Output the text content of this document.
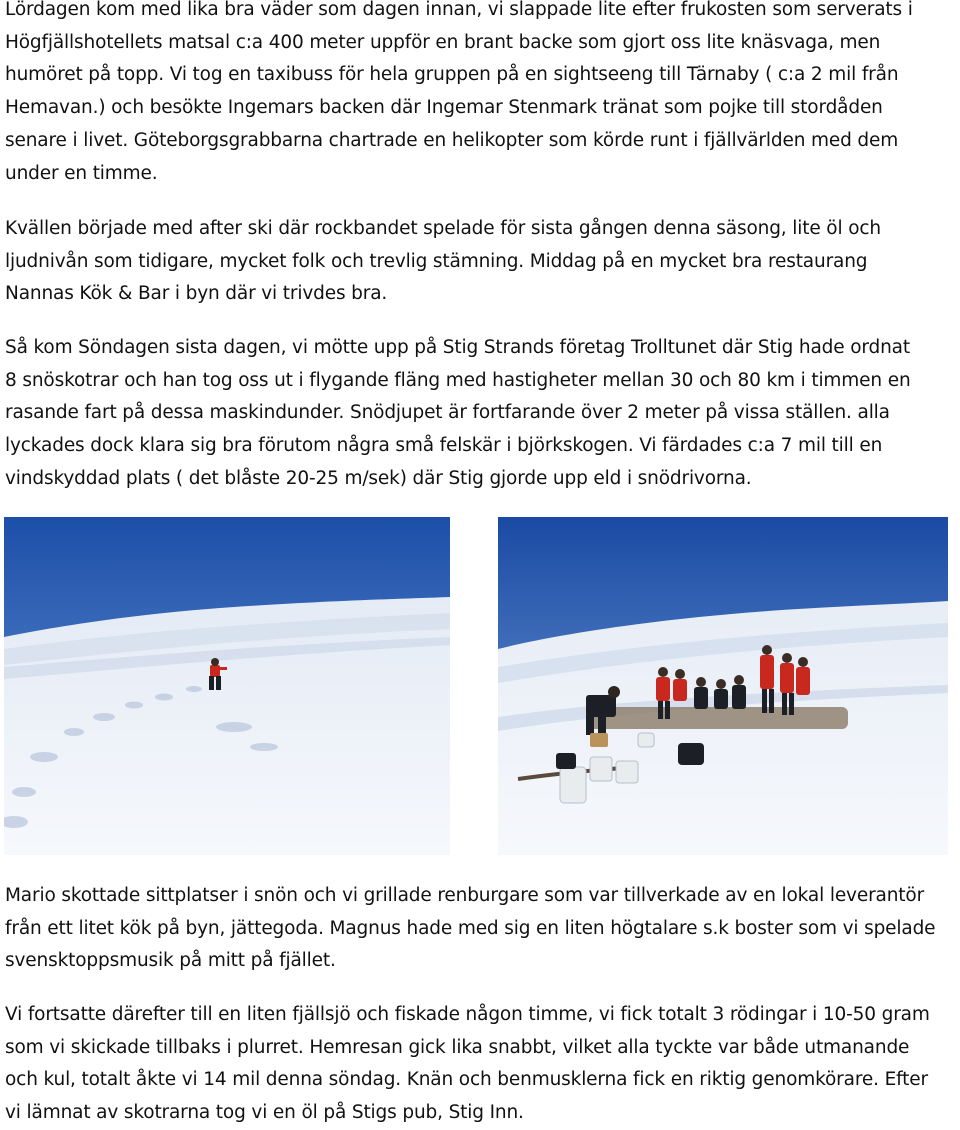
Lördagen kom med lika bra väder som dagen innan, vi slappade lite efter frukosten som serverats i
Högfjällshotellets matsal c:a 400 meter uppför en brant backe som gjort oss lite knäsvaga, men
humöret på topp. Vi tog en taxibuss för hela gruppen på en sightseeng till Tärnaby ( c:a 2 mil från
Hemavan.) och besökte Ingemars backen där Ingemar Stenmark tränat som pojke till stordåden
senare i livet. Göteborgsgrabbarna chartrade en helikopter som körde runt i fjällvärlden med dem
under en timme.

Kvällen började med after ski där rockbandet spelade för sista gången denna säsong, lite öl och
ljudnivån som tidigare, mycket folk och trevlig stämning. Middag på en mycket bra restaurang
Nannas Kök & Bar i byn där vi trivdes bra.

Så kom Söndagen sista dagen, vi mötte upp på Stig Strands företag Trolltunet där Stig hade ordnat
8 snöskotrar och han tog oss ut i flygande fläng med hastigheter mellan 30 och 80 km i timmen en
rasande fart på dessa maskindunder. Snödjupet är fortfarande över 2 meter på vissa ställen. alla
lyckades dock klara sig bra förutom några små felskär i björkskogen. Vi färdades c:a 7 mil till en
vindskyddad plats ( det blåste 20-25 m/sek) där Stig gjorde upp eld i snödrivorna.

Mario skottade sittplatser i snön och vi grillade renburgare som var tillverkade av en lokal leverantör
från ett litet kök på byn, jättegoda. Magnus hade med sig en liten högtalare s.k boster som vi spelade
svensktoppsmusik på mitt på fjället.

Vi fortsatte därefter till en liten fjällsjö och fiskade någon timme, vi fick totalt 3 rödingar i 10-50 gram
som vi skickade tillbaks i plurret. Hemresan gick lika snabbt, vilket alla tyckte var både utmanande
och kul, totalt åkte vi 14 mil denna söndag. Knän och benmusklerna fick en riktig genomkörare. Efter
vi lämnat av skotrarna tog vi en öl på Stigs pub, Stig Inn.
